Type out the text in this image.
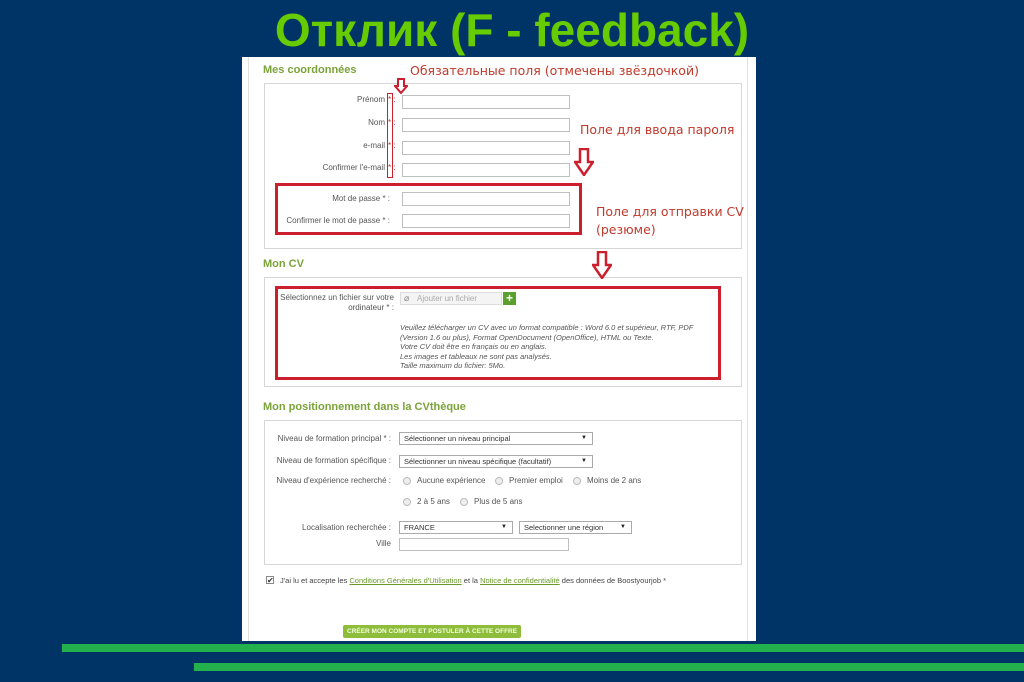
Отклик (F - feedback)
Mes coordonnées
Prénom * :
Nom * :
e-mail * :
Confirmer l'e-mail * :
Mot de passe * :
Confirmer le mot de passe * :
Mon CV
Sélectionnez un fichier sur votre
ordinateur * :
⌀ Ajouter un fichier	+
Veuillez télécharger un CV avec un format compatible : Word 6.0 et supérieur, RTF, PDF
(Version 1.6 ou plus), Format OpenDocument (OpenOffice), HTML ou Texte.
Votre CV doit être en français ou en anglais.
Les images et tableaux ne sont pas analysés.
Taille maximum du fichier: 5Mo.
Mon positionnement dans la CVthèque
Niveau de formation principal * :	Sélectionner un niveau principal	▼
Niveau de formation spécifique :	Sélectionner un niveau spécifique (facultatif)	▼
Niveau d'expérience recherché :	Aucune expérience	Premier emploi	Moins de 2 ans
2 à 5 ans	Plus de 5 ans
Localisation recherchée :	FRANCE	▼	Selectionner une région	▼
Ville
✔ J'ai lu et accepte les Conditions Générales d'Utilisation et la Notice de confidentialité des données de Boostyourjob *
CRÉER MON COMPTE ET POSTULER À CETTE OFFRE
Обязательные поля (отмечены звёздочкой)
Поле для ввода пароля
Поле для отправки CV
(резюме)
